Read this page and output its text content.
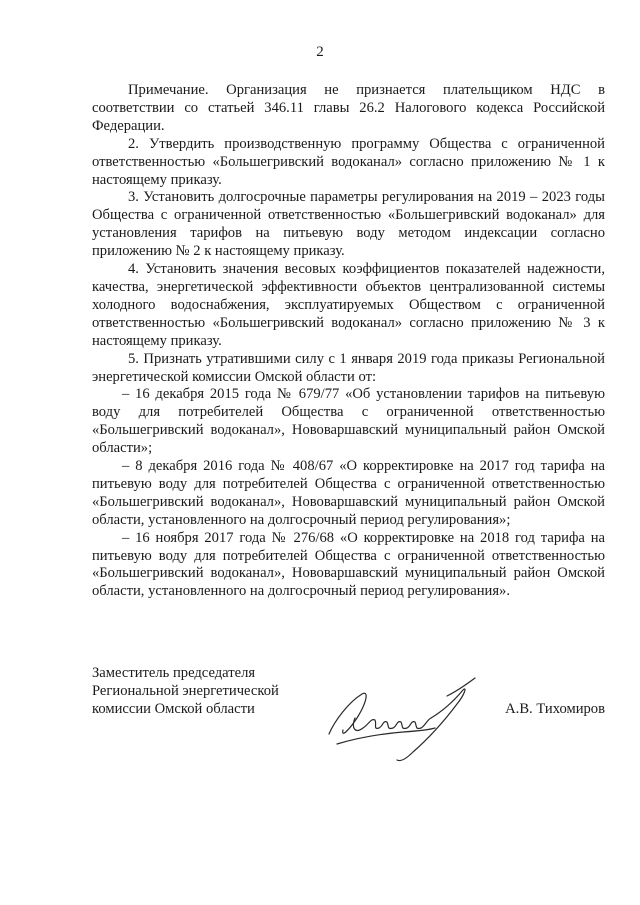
2

Примечание. Организация не признается плательщиком НДС в соответствии со статьей 346.11 главы 26.2 Налогового кодекса Российской Федерации.

2. Утвердить производственную программу Общества с ограниченной ответственностью «Большегривский водоканал» согласно приложению № 1 к настоящему приказу.

3. Установить долгосрочные параметры регулирования на 2019 – 2023 годы Общества с ограниченной ответственностью «Большегривский водоканал» для установления тарифов на питьевую воду методом индексации согласно приложению № 2 к настоящему приказу.

4. Установить значения весовых коэффициентов показателей надежности, качества, энергетической эффективности объектов централизованной системы холодного водоснабжения, эксплуатируемых Обществом с ограниченной ответственностью «Большегривский водоканал» согласно приложению № 3 к настоящему приказу.

5. Признать утратившими силу с 1 января 2019 года приказы Региональной энергетической комиссии Омской области от:

– 16 декабря 2015 года № 679/77 «Об установлении тарифов на питьевую воду для потребителей Общества с ограниченной ответственностью «Большегривский водоканал», Нововаршавский муниципальный район Омской области»;

– 8 декабря 2016 года № 408/67 «О корректировке на 2017 год тарифа на питьевую воду для потребителей Общества с ограниченной ответственностью «Большегривский водоканал», Нововаршавский муниципальный район Омской области, установленного на долгосрочный период регулирования»;

– 16 ноября 2017 года № 276/68 «О корректировке на 2018 год тарифа на питьевую воду для потребителей Общества с ограниченной ответственностью «Большегривский водоканал», Нововаршавский муниципальный район Омской области, установленного на долгосрочный период регулирования».

Заместитель председателя
Региональной энергетической
комиссии Омской области	А.В. Тихомиров
